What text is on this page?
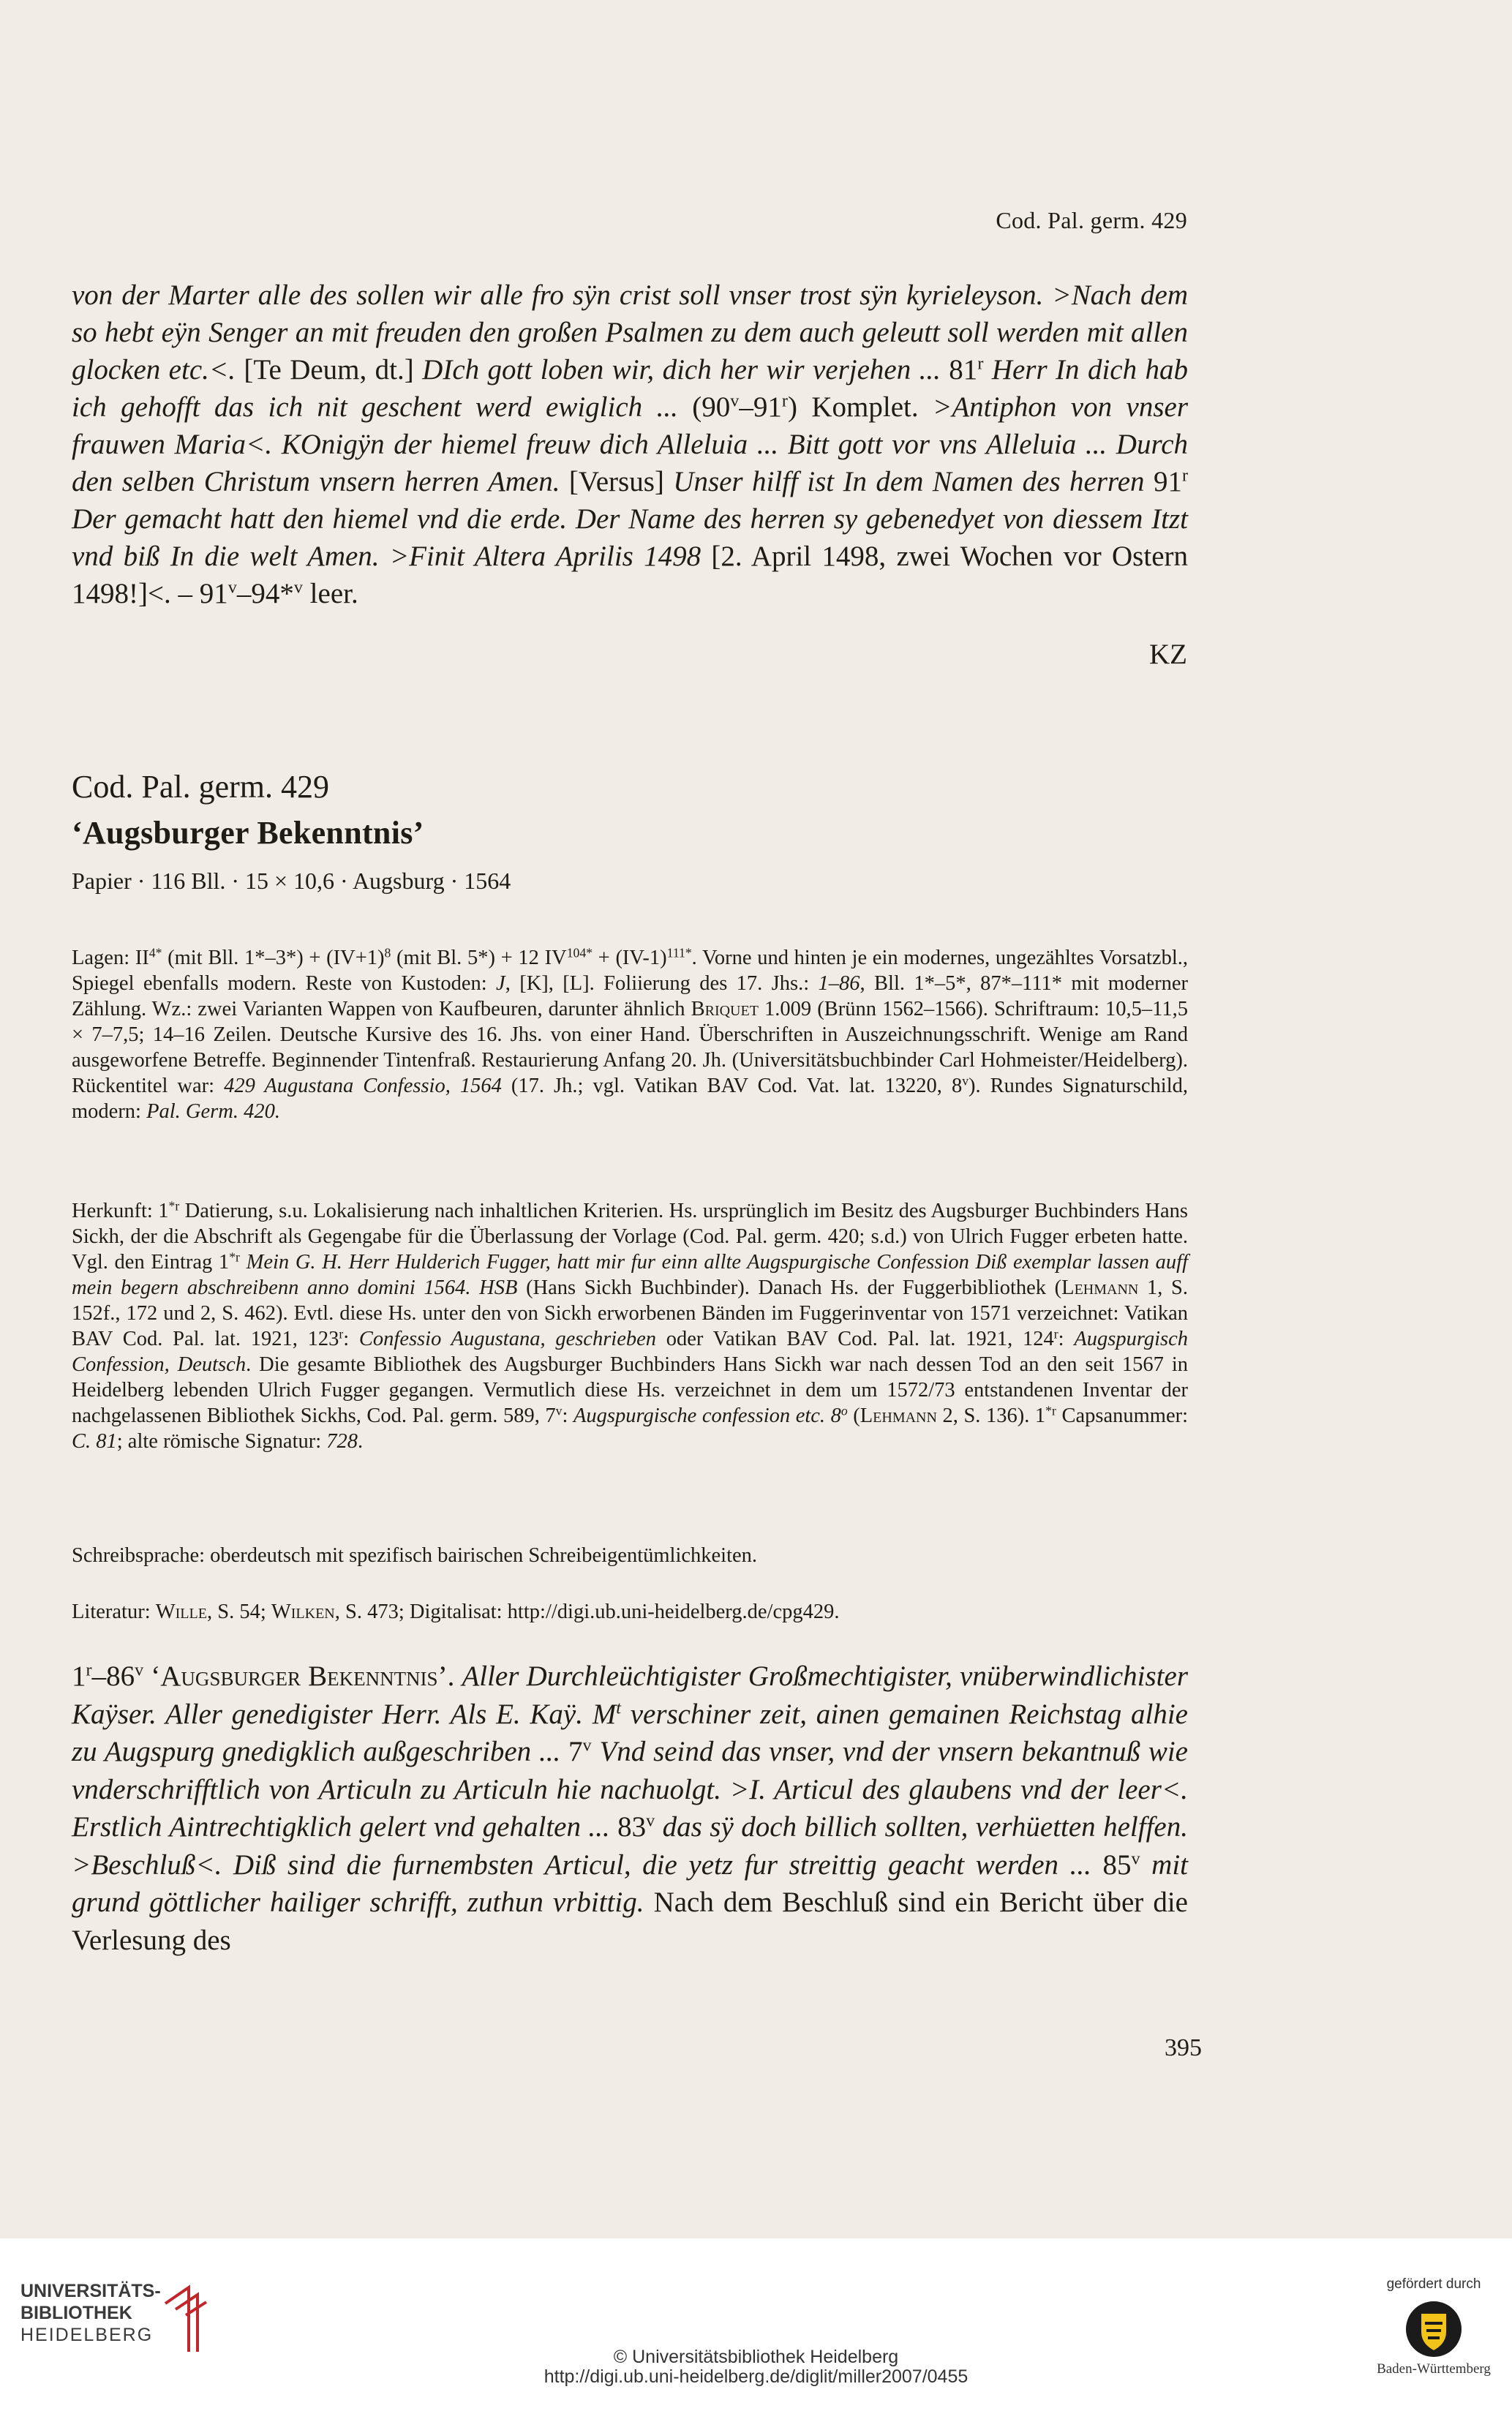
Cod. Pal. germ. 429
von der Marter alle des sollen wir alle fro sÿn crist soll vnser trost sÿn kyrieleyson. >Nach dem so hebt eÿn Senger an mit freuden den großen Psalmen zu dem auch geleutt soll werden mit allen glocken etc.<. [Te Deum, dt.] DIch gott loben wir, dich her wir verjehen ... 81$^r$ Herr In dich hab ich gehofft das ich nit geschent werd ewiglich ... (90$^v$–91$^r$) Komplet. >Antiphon von vnser frauwen Maria<. KOnigÿn der hiemel freuw dich Alleluia ... Bitt gott vor vns Alleluia ... Durch den selben Christum vnsern herren Amen. [Versus] Unser hilff ist In dem Namen des herren 91$^r$ Der gemacht hatt den hiemel vnd die erde. Der Name des herren sy gebenedyet von diessem Itzt vnd biß In die welt Amen. >Finit Altera Aprilis 1498 [2. April 1498, zwei Wochen vor Ostern 1498!]<. – 91$^v$–94*$^v$ leer.
KZ
Cod. Pal. germ. 429
‘Augsburger Bekenntnis’
Papier · 116 Bll. · 15 × 10,6 · Augsburg · 1564
Lagen: $II^{4*}$ (mit Bll. $1*-3*) + (IV+1)^8$ (mit Bl. 5*) + 12 $IV^{104*} + (IV-1)^{111*}$. Vorne und hinten je ein modernes, ungezähltes Vorsatzbl., Spiegel ebenfalls modern. Reste von Kustoden: J, [K], [L]. Foliierung des 17. Jhs.: 1–86, Bll. 1*–5*, 87*–111* mit moderner Zählung. Wz.: zwei Varianten Wappen von Kaufbeuren, darunter ähnlich Briquet 1.009 (Brünn 1562–1566). Schriftraum: 10,5–11,5 × 7–7,5; 14–16 Zeilen. Deutsche Kursive des 16. Jhs. von einer Hand. Überschriften in Auszeichnungsschrift. Wenige am Rand ausgeworfene Betreffe. Beginnender Tintenfraß. Restaurierung Anfang 20. Jh. (Universitätsbuchbinder Carl Hohmeister/Heidelberg). Rückentitel war: 429 Augustana Confessio, 1564 (17. Jh.; vgl. Vatikan BAV Cod. Vat. lat. 13220, 8$^v$). Rundes Signaturschild, modern: Pal. Germ. 420.
Herkunft: 1$^{*r}$ Datierung, s.u. Lokalisierung nach inhaltlichen Kriterien. Hs. ursprünglich im Besitz des Augsburger Buchbinders Hans Sickh, der die Abschrift als Gegengabe für die Überlassung der Vorlage (Cod. Pal. germ. 420; s.d.) von Ulrich Fugger erbeten hatte. Vgl. den Eintrag 1$^{*r}$ Mein G. H. Herr Hulderich Fugger, hatt mir fur einn allte Augspurgische Confession Diß exemplar lassen auff mein begern abschreibenn anno domini 1564. HSB (Hans Sickh Buchbinder). Danach Hs. der Fuggerbibliothek (Lehmann 1, S. 152f., 172 und 2, S. 462). Evtl. diese Hs. unter den von Sickh erworbenen Bänden im Fuggerinventar von 1571 verzeichnet: Vatikan BAV Cod. Pal. lat. 1921, 123$^r$: Confessio Augustana, geschrieben oder Vatikan BAV Cod. Pal. lat. 1921, 124$^r$: Augspurgisch Confession, Deutsch. Die gesamte Bibliothek des Augsburger Buchbinders Hans Sickh war nach dessen Tod an den seit 1567 in Heidelberg lebenden Ulrich Fugger gegangen. Vermutlich diese Hs. verzeichnet in dem um 1572/73 entstandenen Inventar der nachgelassenen Bibliothek Sickhs, Cod. Pal. germ. 589, 7$^v$: Augspurgische confession etc. 8$^o$ (Lehmann 2, S. 136). 1$^{*r}$ Capsanummer: C. 81; alte römische Signatur: 728.
Schreibsprache: oberdeutsch mit spezifisch bairischen Schreibeigentümlichkeiten.
Literatur: Wille, S. 54; Wilken, S. 473; Digitalisat: http://digi.ub.uni-heidelberg.de/cpg429.
1$^r$–86$^v$ ‘Augsburger Bekenntnis’. Aller Durchleüchtigister Großmechtigister, vnüberwindlichister Kaÿser. Aller genedigister Herr. Als E. Kaÿ. $M^t$ verschiner zeit, ainen gemainen Reichstag alhie zu Augspurg gnedigklich außgeschriben ... 7$^v$ Vnd seind das vnser, vnd der vnsern bekantnuß wie vnderschrifftlich von Articuln zu Articuln hie nachuolgt. >I. Articul des glaubens vnd der leer<. Erstlich Aintrechtigklich gelert vnd gehalten ... 83$^v$ das sÿ doch billich sollten, verhüetten helffen. >Beschluß<. Diß sind die furnembsten Articul, die yetz fur streittig geacht werden ... 85$^v$ mit grund göttlicher hailiger schrifft, zuthun vrbittig. Nach dem Beschluß sind ein Bericht über die Verlesung des
395
UNIVERSITÄTS-
BIBLIOTHEK
HEIDELBERG
© Universitätsbibliothek Heidelberg
http://digi.ub.uni-heidelberg.de/diglit/miller2007/0455
gefördert durch
Baden-Württemberg
